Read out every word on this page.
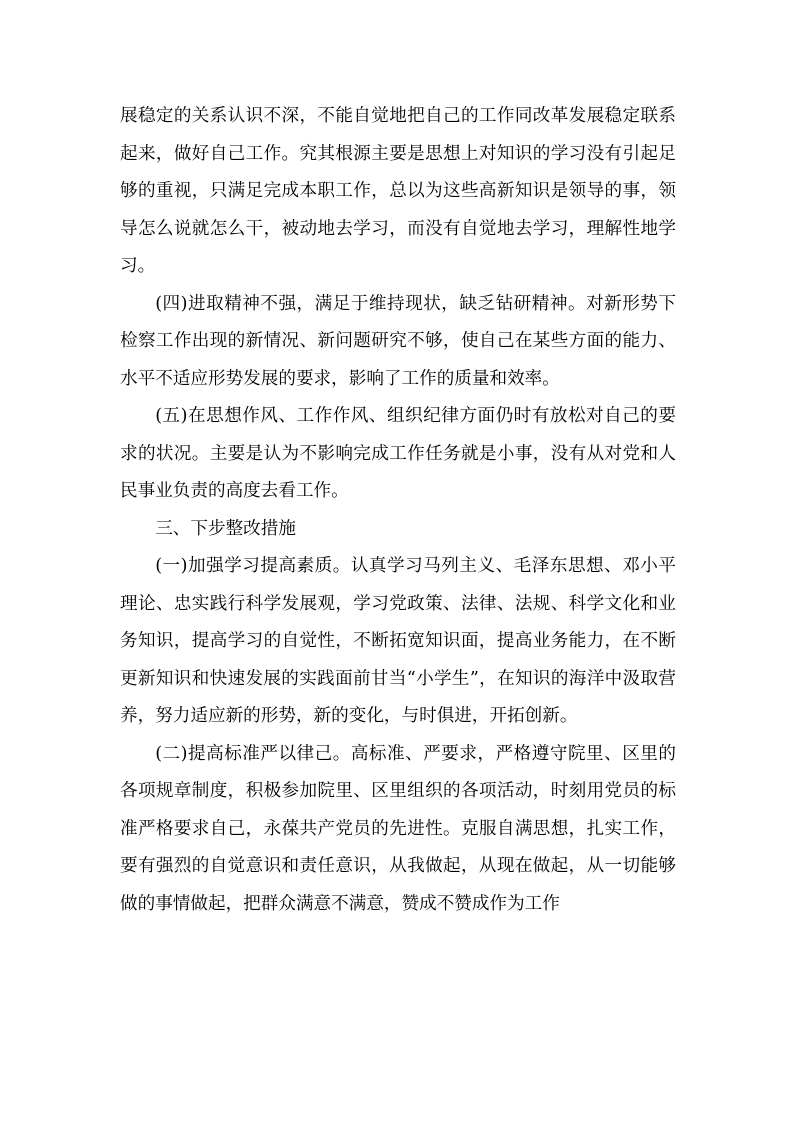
展稳定的关系认识不深，不能自觉地把自己的工作同改革发展稳定联系起来，做好自己工作。究其根源主要是思想上对知识的学习没有引起足够的重视，只满足完成本职工作，总以为这些高新知识是领导的事，领导怎么说就怎么干，被动地去学习，而没有自觉地去学习，理解性地学习。

(四)进取精神不强，满足于维持现状，缺乏钻研精神。对新形势下检察工作出现的新情况、新问题研究不够，使自己在某些方面的能力、水平不适应形势发展的要求，影响了工作的质量和效率。

(五)在思想作风、工作作风、组织纪律方面仍时有放松对自己的要求的状况。主要是认为不影响完成工作任务就是小事，没有从对党和人民事业负责的高度去看工作。

三、下步整改措施

(一)加强学习提高素质。认真学习马列主义、毛泽东思想、邓小平理论、忠实践行科学发展观，学习党政策、法律、法规、科学文化和业务知识，提高学习的自觉性，不断拓宽知识面，提高业务能力，在不断更新知识和快速发展的实践面前甘当“小学生”，在知识的海洋中汲取营养，努力适应新的形势，新的变化，与时俱进，开拓创新。

(二)提高标准严以律己。高标准、严要求，严格遵守院里、区里的各项规章制度，积极参加院里、区里组织的各项活动，时刻用党员的标准严格要求自己，永葆共产党员的先进性。克服自满思想，扎实工作，要有强烈的自觉意识和责任意识，从我做起，从现在做起，从一切能够做的事情做起，把群众满意不满意，赞成不赞成作为工作
